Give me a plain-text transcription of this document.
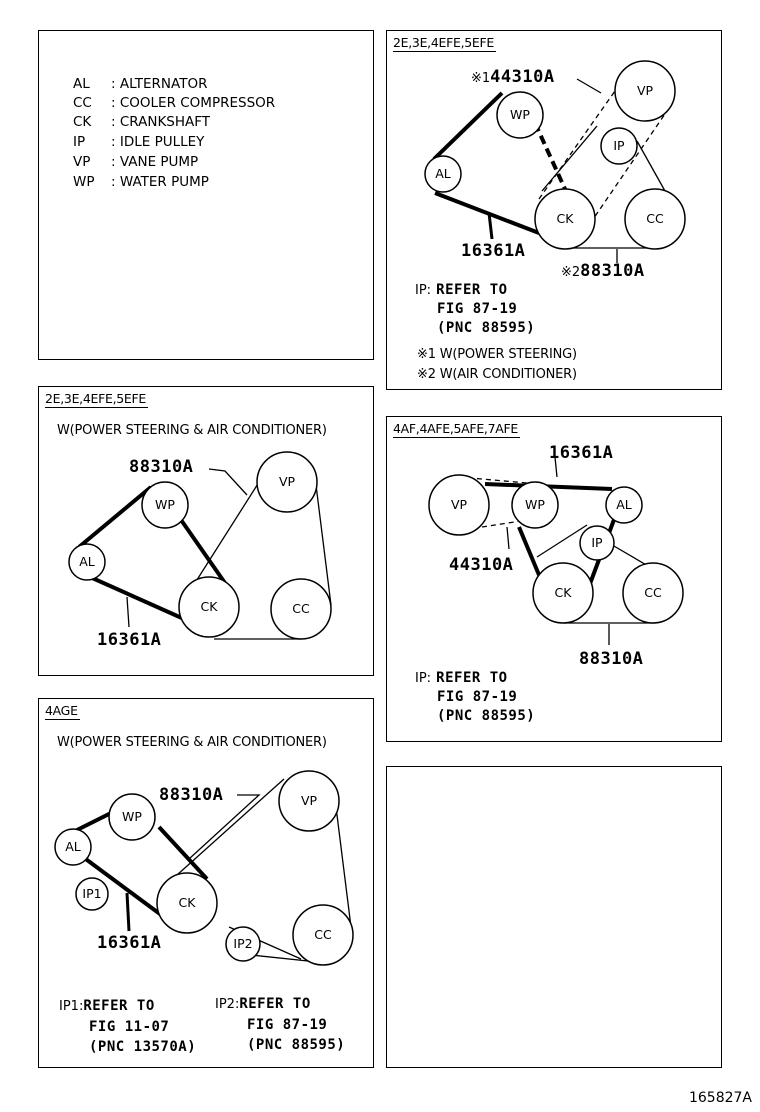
AL : ALTERNATOR
CC : COOLER COMPRESSOR
CK : CRANKSHAFT
IP : IDLE PULLEY
VP : VANE PUMP
WP : WATER PUMP
2E,3E,4EFE,5EFE
VP
WP
IP
AL
CK	CC
※144310A
16361A
※288310A
IP: REFER TO
FIG 87-19
(PNC 88595)
※1 W(POWER STEERING)
※2 W(AIR CONDITIONER)
2E,3E,4EFE,5EFE
W(POWER STEERING & AIR CONDITIONER)
VP
WP
AL
CK	CC
88310A
16361A
4AF,4AFE,5AFE,7AFE
VP	WP	AL
IP
CK	CC
16361A
44310A
88310A
IP: REFER TO
FIG 87-19
(PNC 88595)
4AGE
W(POWER STEERING & AIR CONDITIONER)
VP
WP
AL
IP1
CK
IP2
CC
88310A
16361A
IP1:REFER TO
FIG 11-07
(PNC 13570A)
IP2:REFER TO
FIG 87-19
(PNC 88595)
165827A
